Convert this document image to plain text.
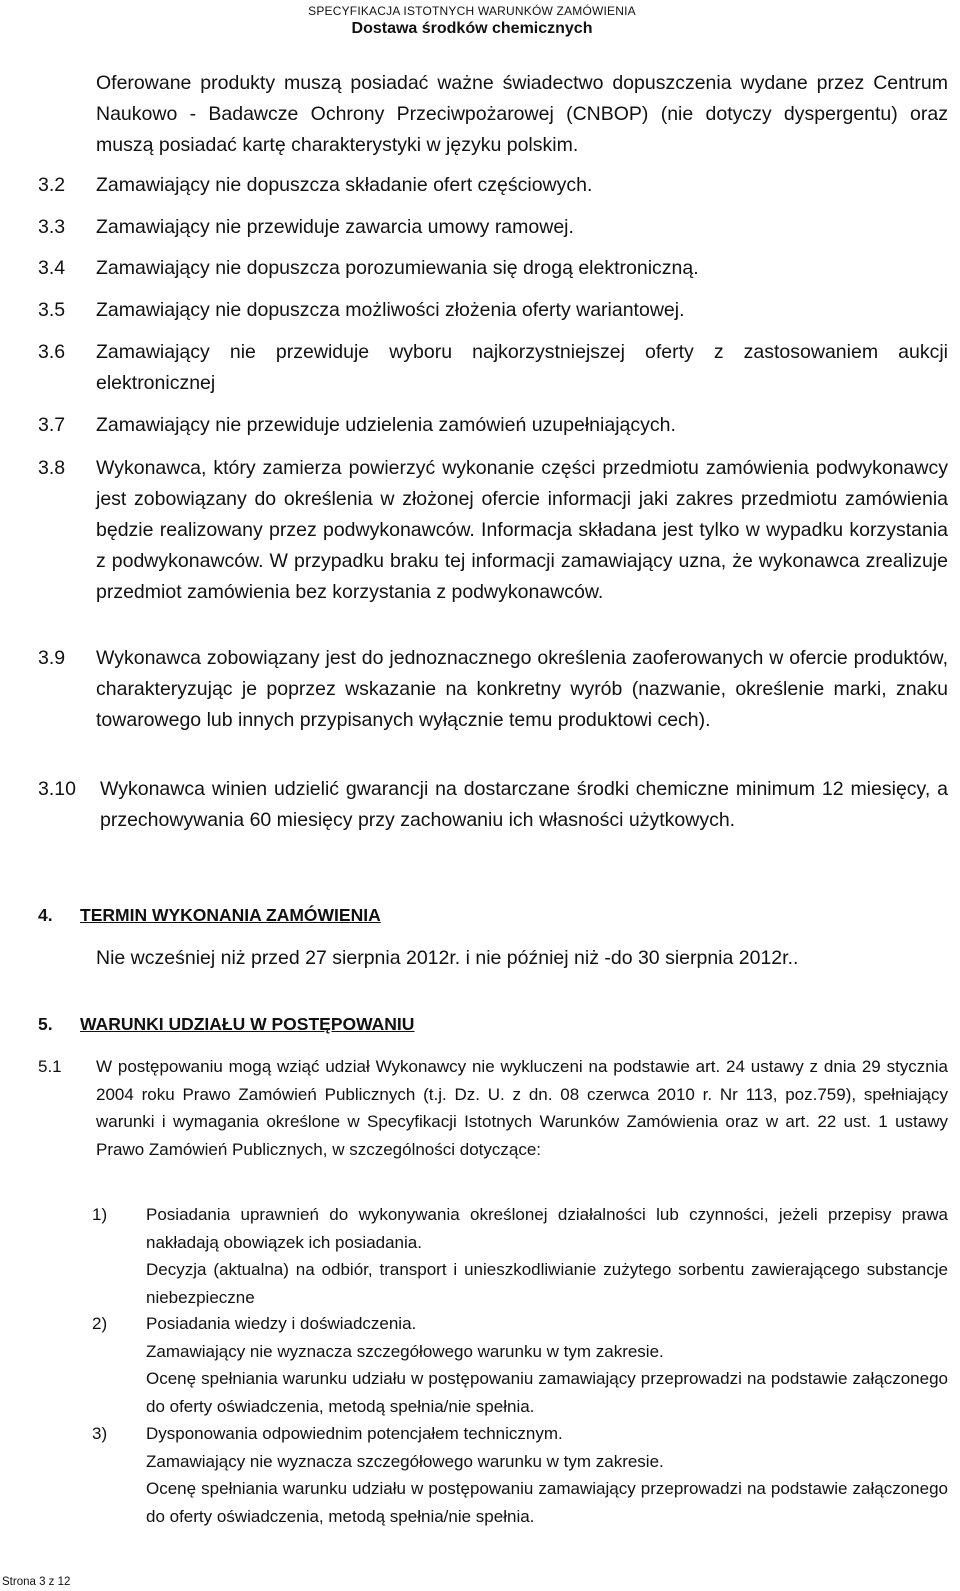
SPECYFIKACJA ISTOTNYCH WARUNKÓW ZAMÓWIENIA
Dostawa środków chemicznych
Oferowane produkty muszą posiadać ważne świadectwo dopuszczenia wydane przez Centrum Naukowo - Badawcze Ochrony Przeciwpożarowej (CNBOP) (nie dotyczy dyspergentu) oraz muszą posiadać kartę charakterystyki w języku polskim.
3.2 Zamawiający nie dopuszcza składanie ofert częściowych.
3.3 Zamawiający nie przewiduje zawarcia umowy ramowej.
3.4 Zamawiający nie dopuszcza porozumiewania się drogą elektroniczną.
3.5 Zamawiający nie dopuszcza możliwości złożenia oferty wariantowej.
3.6 Zamawiający nie przewiduje wyboru najkorzystniejszej oferty z zastosowaniem aukcji elektronicznej
3.7 Zamawiający nie przewiduje udzielenia zamówień uzupełniających.
3.8 Wykonawca, który zamierza powierzyć wykonanie części przedmiotu zamówienia podwykonawcy jest zobowiązany do określenia w złożonej ofercie informacji jaki zakres przedmiotu zamówienia będzie realizowany przez podwykonawców. Informacja składana jest tylko w wypadku korzystania z podwykonawców. W przypadku braku tej informacji zamawiający uzna, że wykonawca zrealizuje przedmiot zamówienia bez korzystania z podwykonawców.
3.9 Wykonawca zobowiązany jest do jednoznacznego określenia zaoferowanych w ofercie produktów, charakteryzując je poprzez wskazanie na konkretny wyrób (nazwanie, określenie marki, znaku towarowego lub innych przypisanych wyłącznie temu produktowi cech).
3.10 Wykonawca winien udzielić gwarancji na dostarczane środki chemiczne minimum 12 miesięcy, a przechowywania 60 miesięcy przy zachowaniu ich własności użytkowych.
4. TERMIN WYKONANIA ZAMÓWIENIA
Nie wcześniej niż przed 27 sierpnia 2012r. i nie później niż -do 30 sierpnia 2012r..
5. WARUNKI UDZIAŁU W POSTĘPOWANIU
5.1 W postępowaniu mogą wziąć udział Wykonawcy nie wykluczeni na podstawie art. 24 ustawy z dnia 29 stycznia 2004 roku Prawo Zamówień Publicznych (t.j. Dz. U. z dn. 08 czerwca 2010 r. Nr 113, poz.759), spełniający warunki i wymagania określone w Specyfikacji Istotnych Warunków Zamówienia oraz w art. 22 ust. 1 ustawy Prawo Zamówień Publicznych, w szczególności dotyczące:
1) Posiadania uprawnień do wykonywania określonej działalności lub czynności, jeżeli przepisy prawa nakładają obowiązek ich posiadania.

Decyzja (aktualna) na odbiór, transport i unieszkodliwianie zużytego sorbentu zawierającego substancje niebezpieczne

2) Posiadania wiedzy i doświadczenia.

Zamawiający nie wyznacza szczegółowego warunku w tym zakresie.

Ocenę spełniania warunku udziału w postępowaniu zamawiający przeprowadzi na podstawie załączonego do oferty oświadczenia, metodą spełnia/nie spełnia.

3) Dysponowania odpowiednim potencjałem technicznym.

Zamawiający nie wyznacza szczegółowego warunku w tym zakresie.

Ocenę spełniania warunku udziału w postępowaniu zamawiający przeprowadzi na podstawie załączonego do oferty oświadczenia, metodą spełnia/nie spełnia.

Strona 3 z 12
